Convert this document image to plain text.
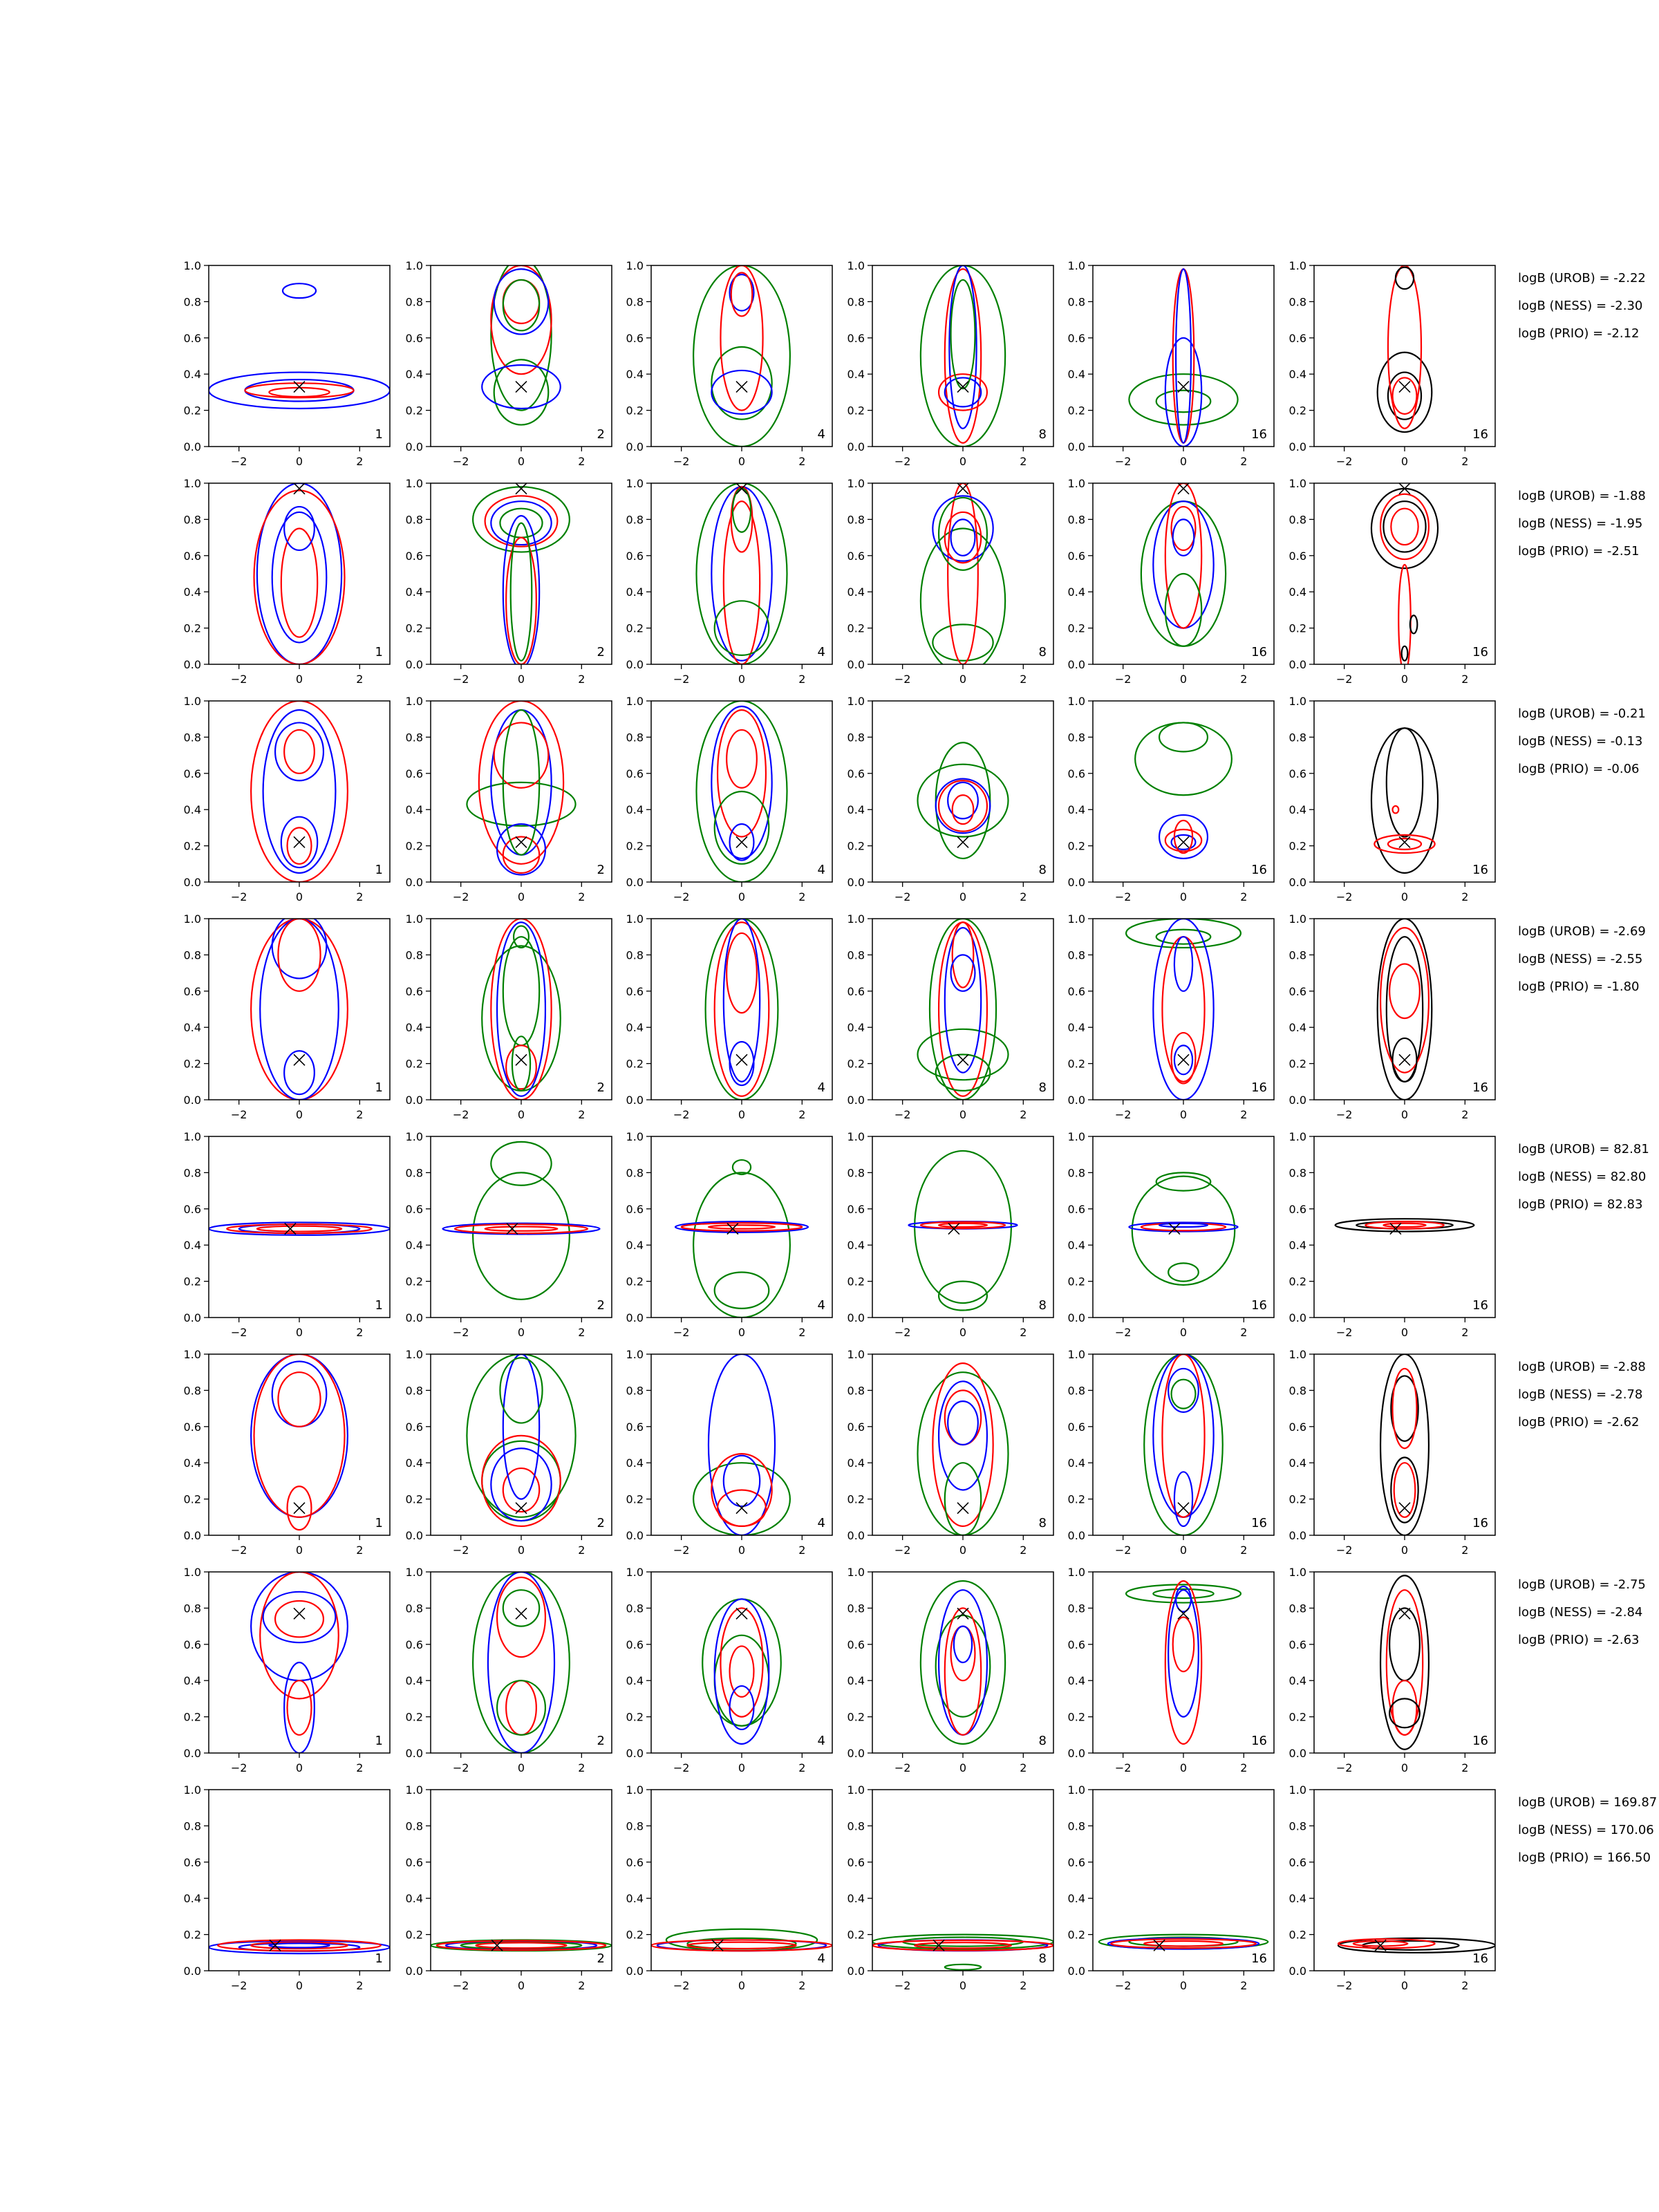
−2	0	2
0.0
0.2
0.4
0.6
0.8
1.0
1
−2	0	2
0.0
0.2
0.4
0.6
0.8
1.0
2
−2	0	2
0.0
0.2
0.4
0.6
0.8
1.0
4
−2	0	2
0.0
0.2
0.4
0.6
0.8
1.0
8
−2	0	2
0.0
0.2
0.4
0.6
0.8
1.0
16
−2	0	2
0.0
0.2
0.4
0.6
0.8
1.0
16
logB (UROB) = -2.22
logB (NESS) = -2.30
logB (PRIO) = -2.12
−2	0	2
0.0
0.2
0.4
0.6
0.8
1.0
1
−2	0	2
0.0
0.2
0.4
0.6
0.8
1.0
2
−2	0	2
0.0
0.2
0.4
0.6
0.8
1.0
4
−2	0	2
0.0
0.2
0.4
0.6
0.8
1.0
8
−2	0	2
0.0
0.2
0.4
0.6
0.8
1.0
16
−2	0	2
0.0
0.2
0.4
0.6
0.8
1.0
16
logB (UROB) = -1.88
logB (NESS) = -1.95
logB (PRIO) = -2.51
−2	0	2
0.0
0.2
0.4
0.6
0.8
1.0
1
−2	0	2
0.0
0.2
0.4
0.6
0.8
1.0
2
−2	0	2
0.0
0.2
0.4
0.6
0.8
1.0
4
−2	0	2
0.0
0.2
0.4
0.6
0.8
1.0
8
−2	0	2
0.0
0.2
0.4
0.6
0.8
1.0
16
−2	0	2
0.0
0.2
0.4
0.6
0.8
1.0
16
logB (UROB) = -0.21
logB (NESS) = -0.13
logB (PRIO) = -0.06
−2	0	2
0.0
0.2
0.4
0.6
0.8
1.0
1
−2	0	2
0.0
0.2
0.4
0.6
0.8
1.0
2
−2	0	2
0.0
0.2
0.4
0.6
0.8
1.0
4
−2	0	2
0.0
0.2
0.4
0.6
0.8
1.0
8
−2	0	2
0.0
0.2
0.4
0.6
0.8
1.0
16
−2	0	2
0.0
0.2
0.4
0.6
0.8
1.0
16
logB (UROB) = -2.69
logB (NESS) = -2.55
logB (PRIO) = -1.80
−2	0	2
0.0
0.2
0.4
0.6
0.8
1.0
1
−2	0	2
0.0
0.2
0.4
0.6
0.8
1.0
2
−2	0	2
0.0
0.2
0.4
0.6
0.8
1.0
4
−2	0	2
0.0
0.2
0.4
0.6
0.8
1.0
8
−2	0	2
0.0
0.2
0.4
0.6
0.8
1.0
16
−2	0	2
0.0
0.2
0.4
0.6
0.8
1.0
16
logB (UROB) = 82.81
logB (NESS) = 82.80
logB (PRIO) = 82.83
−2	0	2
0.0
0.2
0.4
0.6
0.8
1.0
1
−2	0	2
0.0
0.2
0.4
0.6
0.8
1.0
2
−2	0	2
0.0
0.2
0.4
0.6
0.8
1.0
4
−2	0	2
0.0
0.2
0.4
0.6
0.8
1.0
8
−2	0	2
0.0
0.2
0.4
0.6
0.8
1.0
16
−2	0	2
0.0
0.2
0.4
0.6
0.8
1.0
16
logB (UROB) = -2.88
logB (NESS) = -2.78
logB (PRIO) = -2.62
−2	0	2
0.0
0.2
0.4
0.6
0.8
1.0
1
−2	0	2
0.0
0.2
0.4
0.6
0.8
1.0
2
−2	0	2
0.0
0.2
0.4
0.6
0.8
1.0
4
−2	0	2
0.0
0.2
0.4
0.6
0.8
1.0
8
−2	0	2
0.0
0.2
0.4
0.6
0.8
1.0
16
−2	0	2
0.0
0.2
0.4
0.6
0.8
1.0
16
logB (UROB) = -2.75
logB (NESS) = -2.84
logB (PRIO) = -2.63
−2	0	2
0.0
0.2
0.4
0.6
0.8
1.0
1
−2	0	2
0.0
0.2
0.4
0.6
0.8
1.0
2
−2	0	2
0.0
0.2
0.4
0.6
0.8
1.0
4
−2	0	2
0.0
0.2
0.4
0.6
0.8
1.0
8
−2	0	2
0.0
0.2
0.4
0.6
0.8
1.0
16
−2	0	2
0.0
0.2
0.4
0.6
0.8
1.0
16
logB (UROB) = 169.87
logB (NESS) = 170.06
logB (PRIO) = 166.50
